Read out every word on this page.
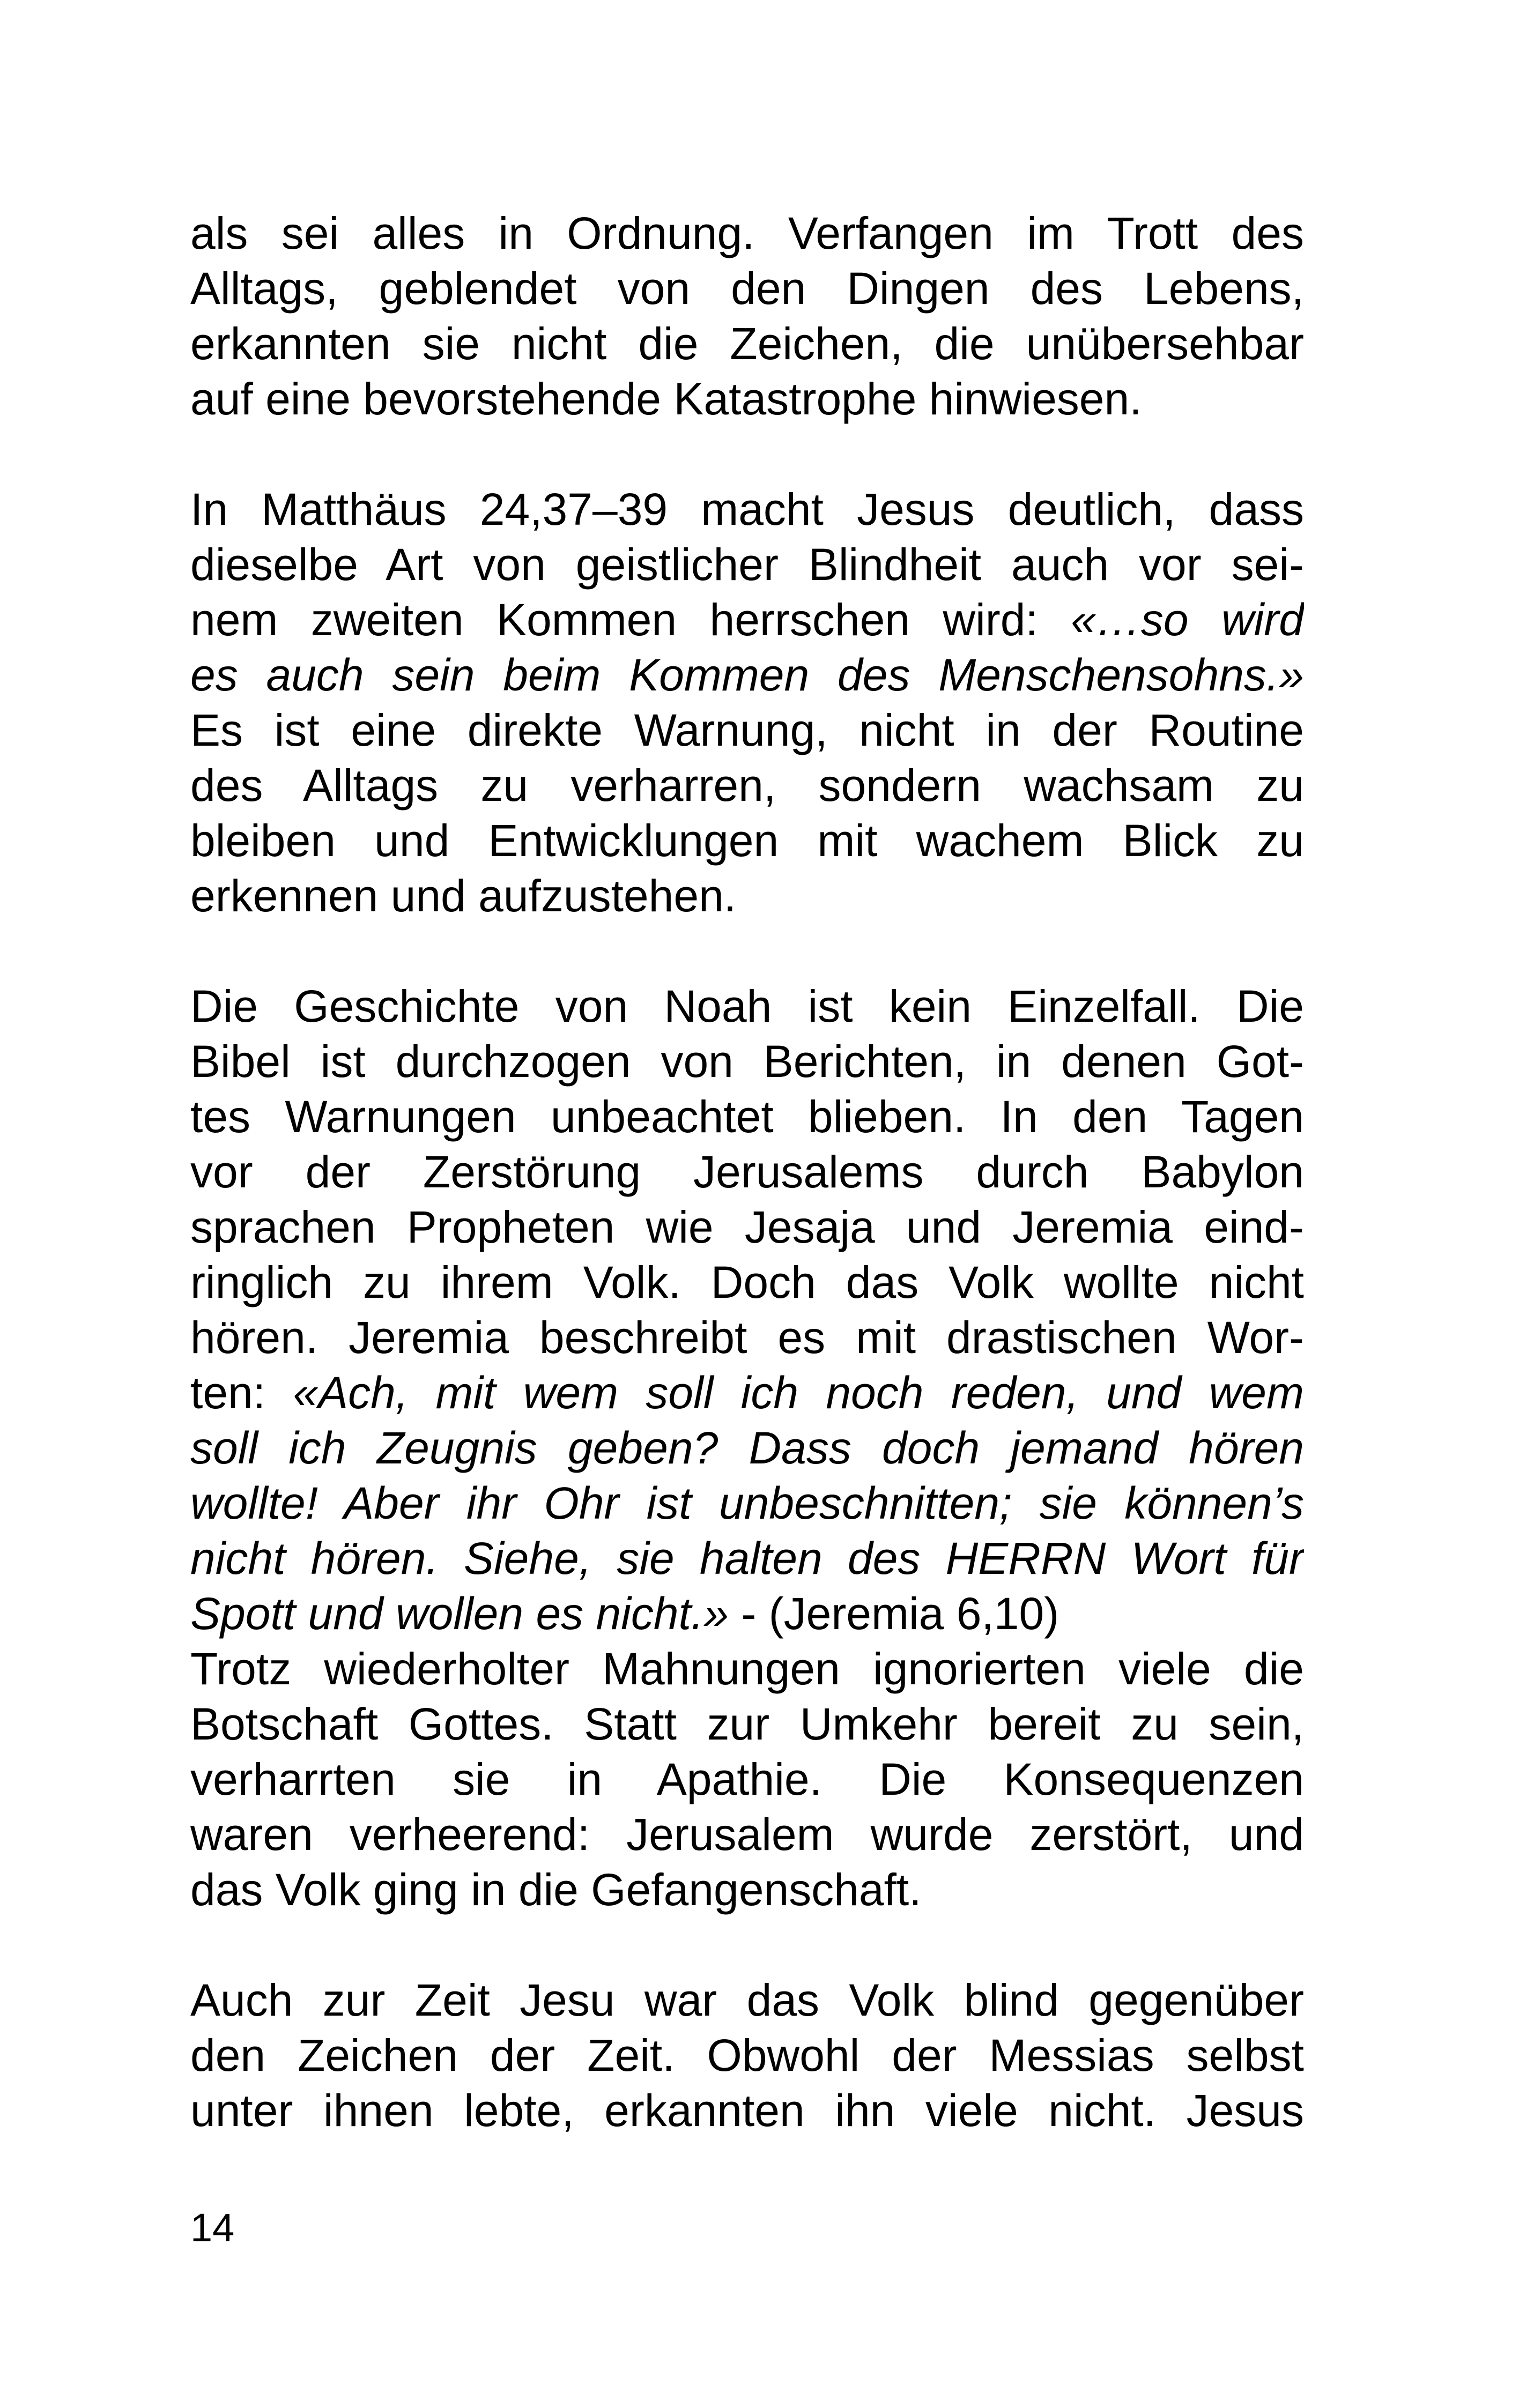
als sei alles in Ordnung. Verfangen im Trott des
Alltags, geblendet von den Dingen des Lebens,
erkannten sie nicht die Zeichen, die unübersehbar
auf eine bevorstehende Katastrophe hinwiesen.
In Matthäus 24,37–39 macht Jesus deutlich, dass
dieselbe Art von geistlicher Blindheit auch vor sei-
nem zweiten Kommen herrschen wird: «…so wird
es auch sein beim Kommen des Menschensohns.»
Es ist eine direkte Warnung, nicht in der Routine
des Alltags zu verharren, sondern wachsam zu
bleiben und Entwicklungen mit wachem Blick zu
erkennen und aufzustehen.
Die Geschichte von Noah ist kein Einzelfall. Die
Bibel ist durchzogen von Berichten, in denen Got-
tes Warnungen unbeachtet blieben. In den Tagen
vor der Zerstörung Jerusalems durch Babylon
sprachen Propheten wie Jesaja und Jeremia eind-
ringlich zu ihrem Volk. Doch das Volk wollte nicht
hören. Jeremia beschreibt es mit drastischen Wor-
ten: «Ach, mit wem soll ich noch reden, und wem
soll ich Zeugnis geben? Dass doch jemand hören
wollte! Aber ihr Ohr ist unbeschnitten; sie können’s
nicht hören. Siehe, sie halten des HERRN Wort für
Spott und wollen es nicht.» - (Jeremia 6,10)
Trotz wiederholter Mahnungen ignorierten viele die
Botschaft Gottes. Statt zur Umkehr bereit zu sein,
verharrten sie in Apathie. Die Konsequenzen
waren verheerend: Jerusalem wurde zerstört, und
das Volk ging in die Gefangenschaft.
Auch zur Zeit Jesu war das Volk blind gegenüber
den Zeichen der Zeit. Obwohl der Messias selbst
unter ihnen lebte, erkannten ihn viele nicht. Jesus
14
